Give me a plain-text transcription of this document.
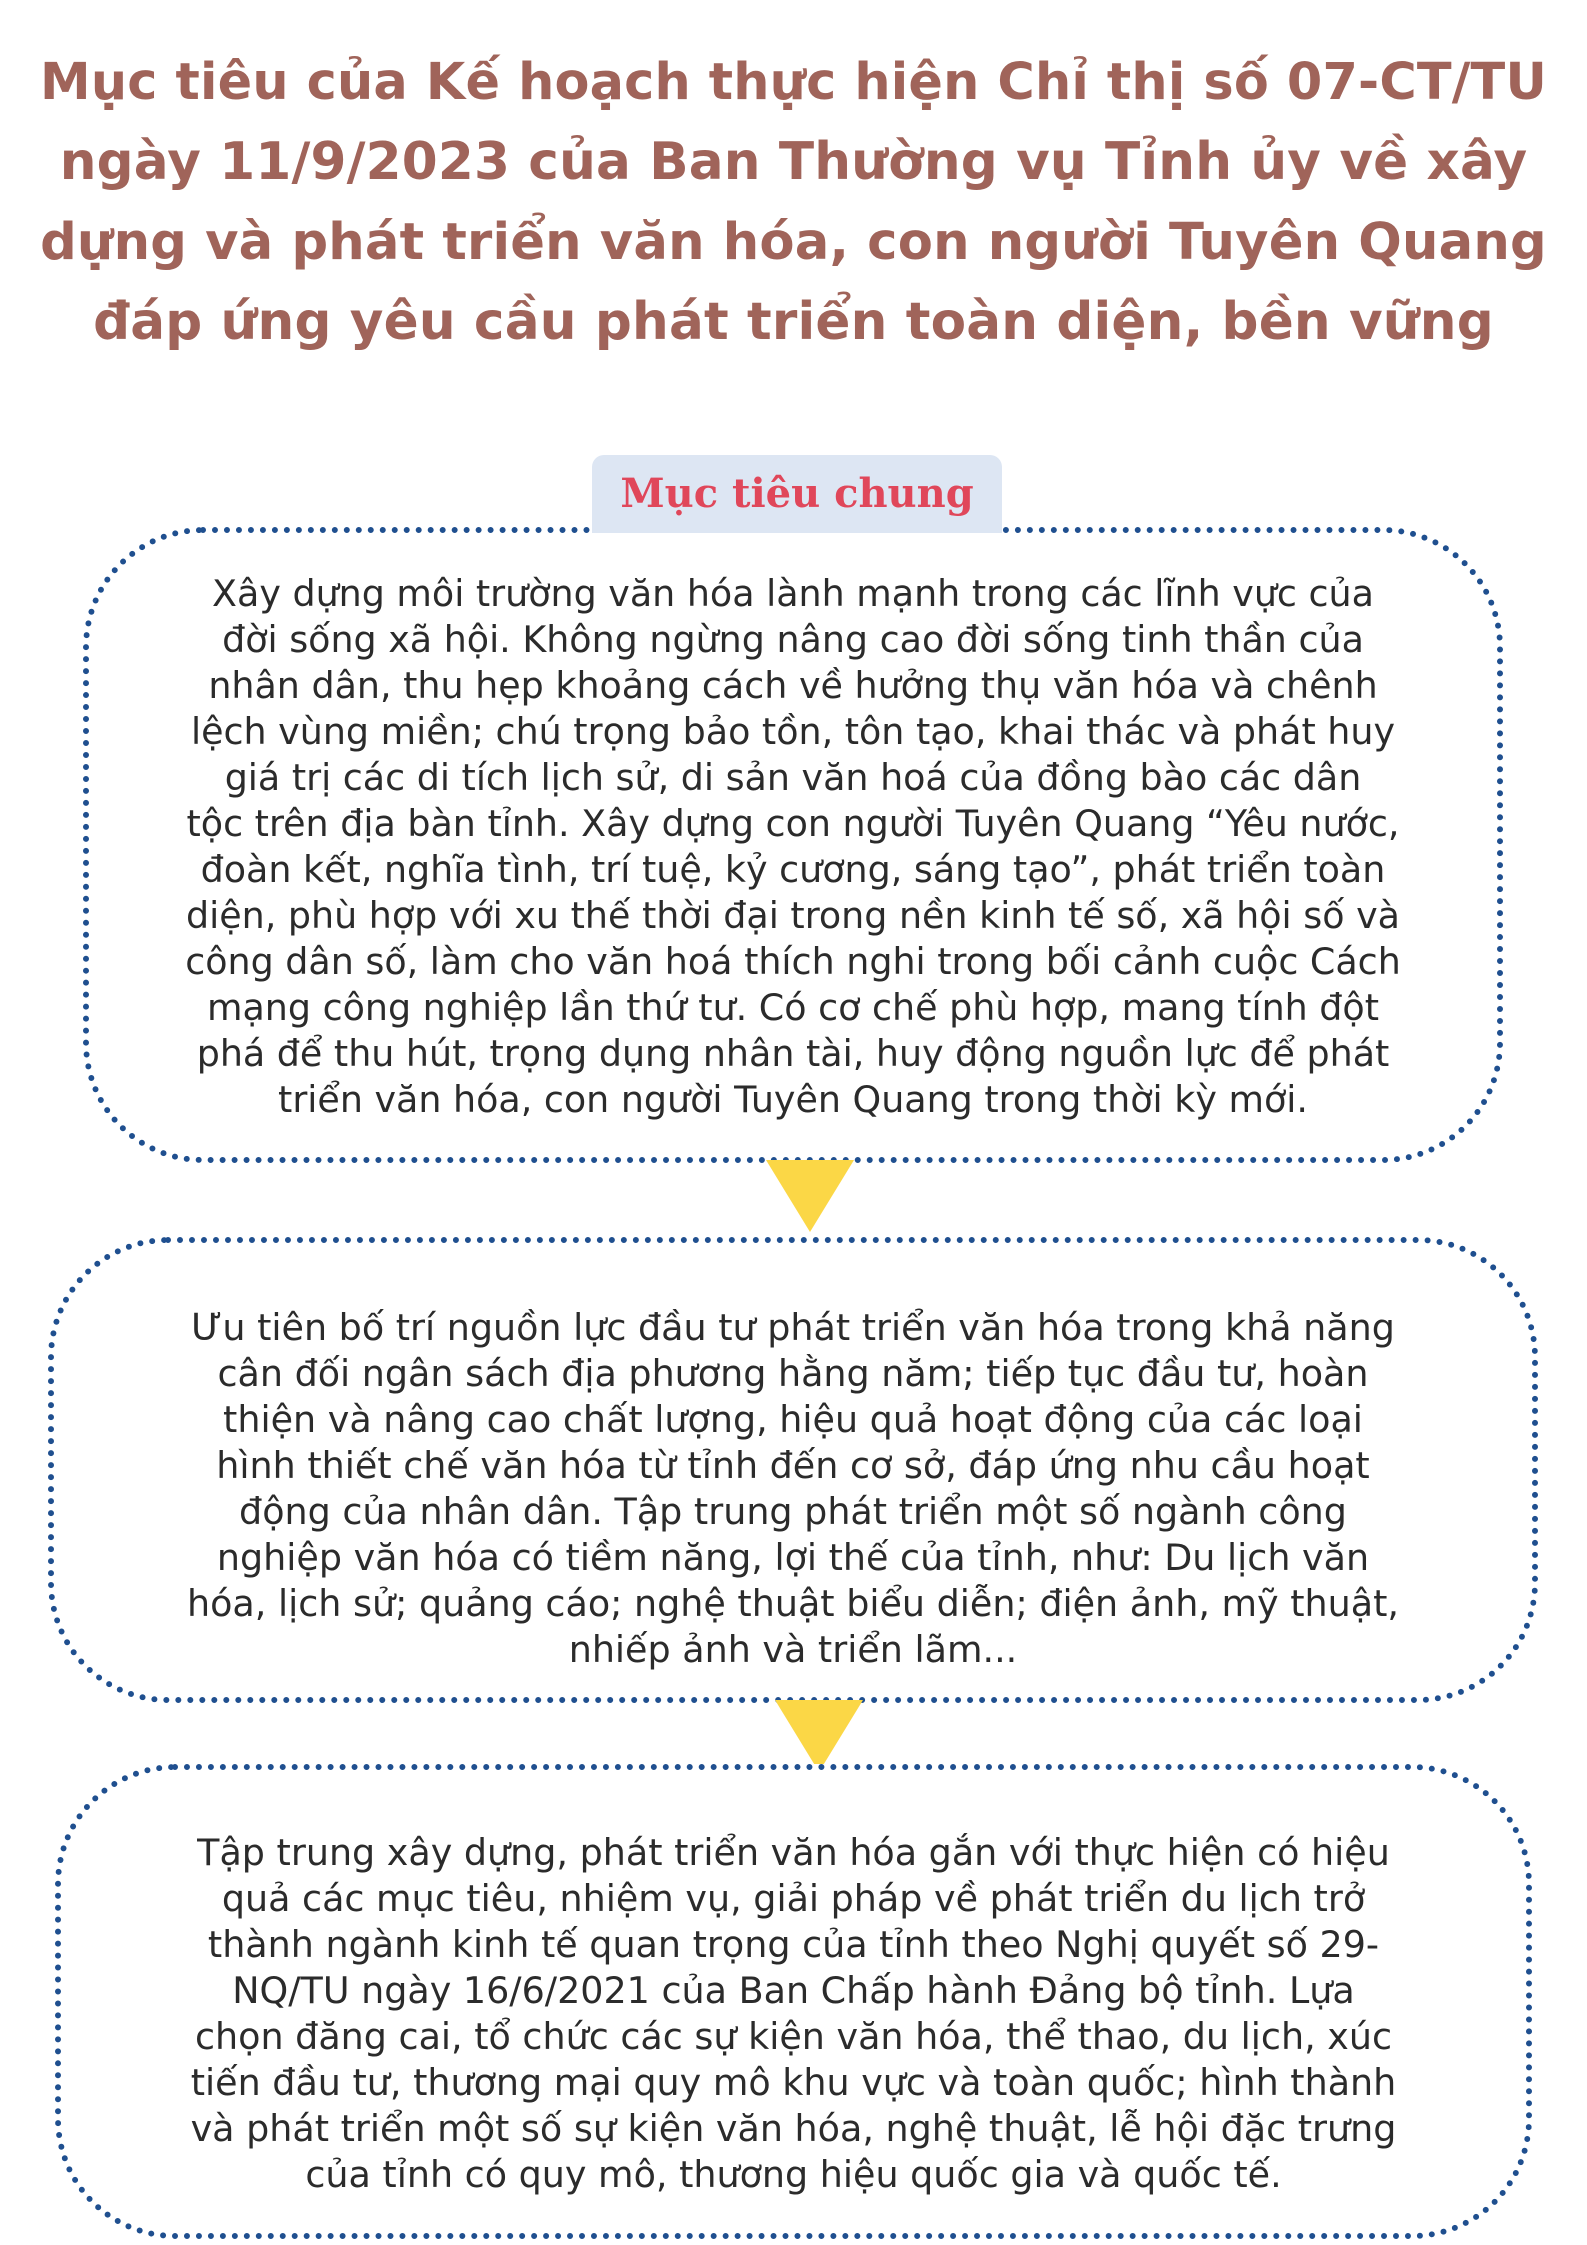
Mục tiêu của Kế hoạch thực hiện Chỉ thị số 07-CT/TU
ngày 11/9/2023 của Ban Thường vụ Tỉnh ủy về xây
dựng và phát triển văn hóa, con người Tuyên Quang
đáp ứng yêu cầu phát triển toàn diện, bền vững
Xây dựng môi trường văn hóa lành mạnh trong các lĩnh vực của
đời sống xã hội. Không ngừng nâng cao đời sống tinh thần của
nhân dân, thu hẹp khoảng cách về hưởng thụ văn hóa và chênh
lệch vùng miền; chú trọng bảo tồn, tôn tạo, khai thác và phát huy
giá trị các di tích lịch sử, di sản văn hoá của đồng bào các dân
tộc trên địa bàn tỉnh. Xây dựng con người Tuyên Quang “Yêu nước,
đoàn kết, nghĩa tình, trí tuệ, kỷ cương, sáng tạo”, phát triển toàn
diện, phù hợp với xu thế thời đại trong nền kinh tế số, xã hội số và
công dân số, làm cho văn hoá thích nghi trong bối cảnh cuộc Cách
mạng công nghiệp lần thứ tư. Có cơ chế phù hợp, mang tính đột
phá để thu hút, trọng dụng nhân tài, huy động nguồn lực để phát
triển văn hóa, con người Tuyên Quang trong thời kỳ mới.
Mục tiêu chung
Ưu tiên bố trí nguồn lực đầu tư phát triển văn hóa trong khả năng
cân đối ngân sách địa phương hằng năm; tiếp tục đầu tư, hoàn
thiện và nâng cao chất lượng, hiệu quả hoạt động của các loại
hình thiết chế văn hóa từ tỉnh đến cơ sở, đáp ứng nhu cầu hoạt
động của nhân dân. Tập trung phát triển một số ngành công
nghiệp văn hóa có tiềm năng, lợi thế của tỉnh, như: Du lịch văn
hóa, lịch sử; quảng cáo; nghệ thuật biểu diễn; điện ảnh, mỹ thuật,
nhiếp ảnh và triển lãm...
Tập trung xây dựng, phát triển văn hóa gắn với thực hiện có hiệu
quả các mục tiêu, nhiệm vụ, giải pháp về phát triển du lịch trở
thành ngành kinh tế quan trọng của tỉnh theo Nghị quyết số 29-
NQ/TU ngày 16/6/2021 của Ban Chấp hành Đảng bộ tỉnh. Lựa
chọn đăng cai, tổ chức các sự kiện văn hóa, thể thao, du lịch, xúc
tiến đầu tư, thương mại quy mô khu vực và toàn quốc; hình thành
và phát triển một số sự kiện văn hóa, nghệ thuật, lễ hội đặc trưng
của tỉnh có quy mô, thương hiệu quốc gia và quốc tế.
